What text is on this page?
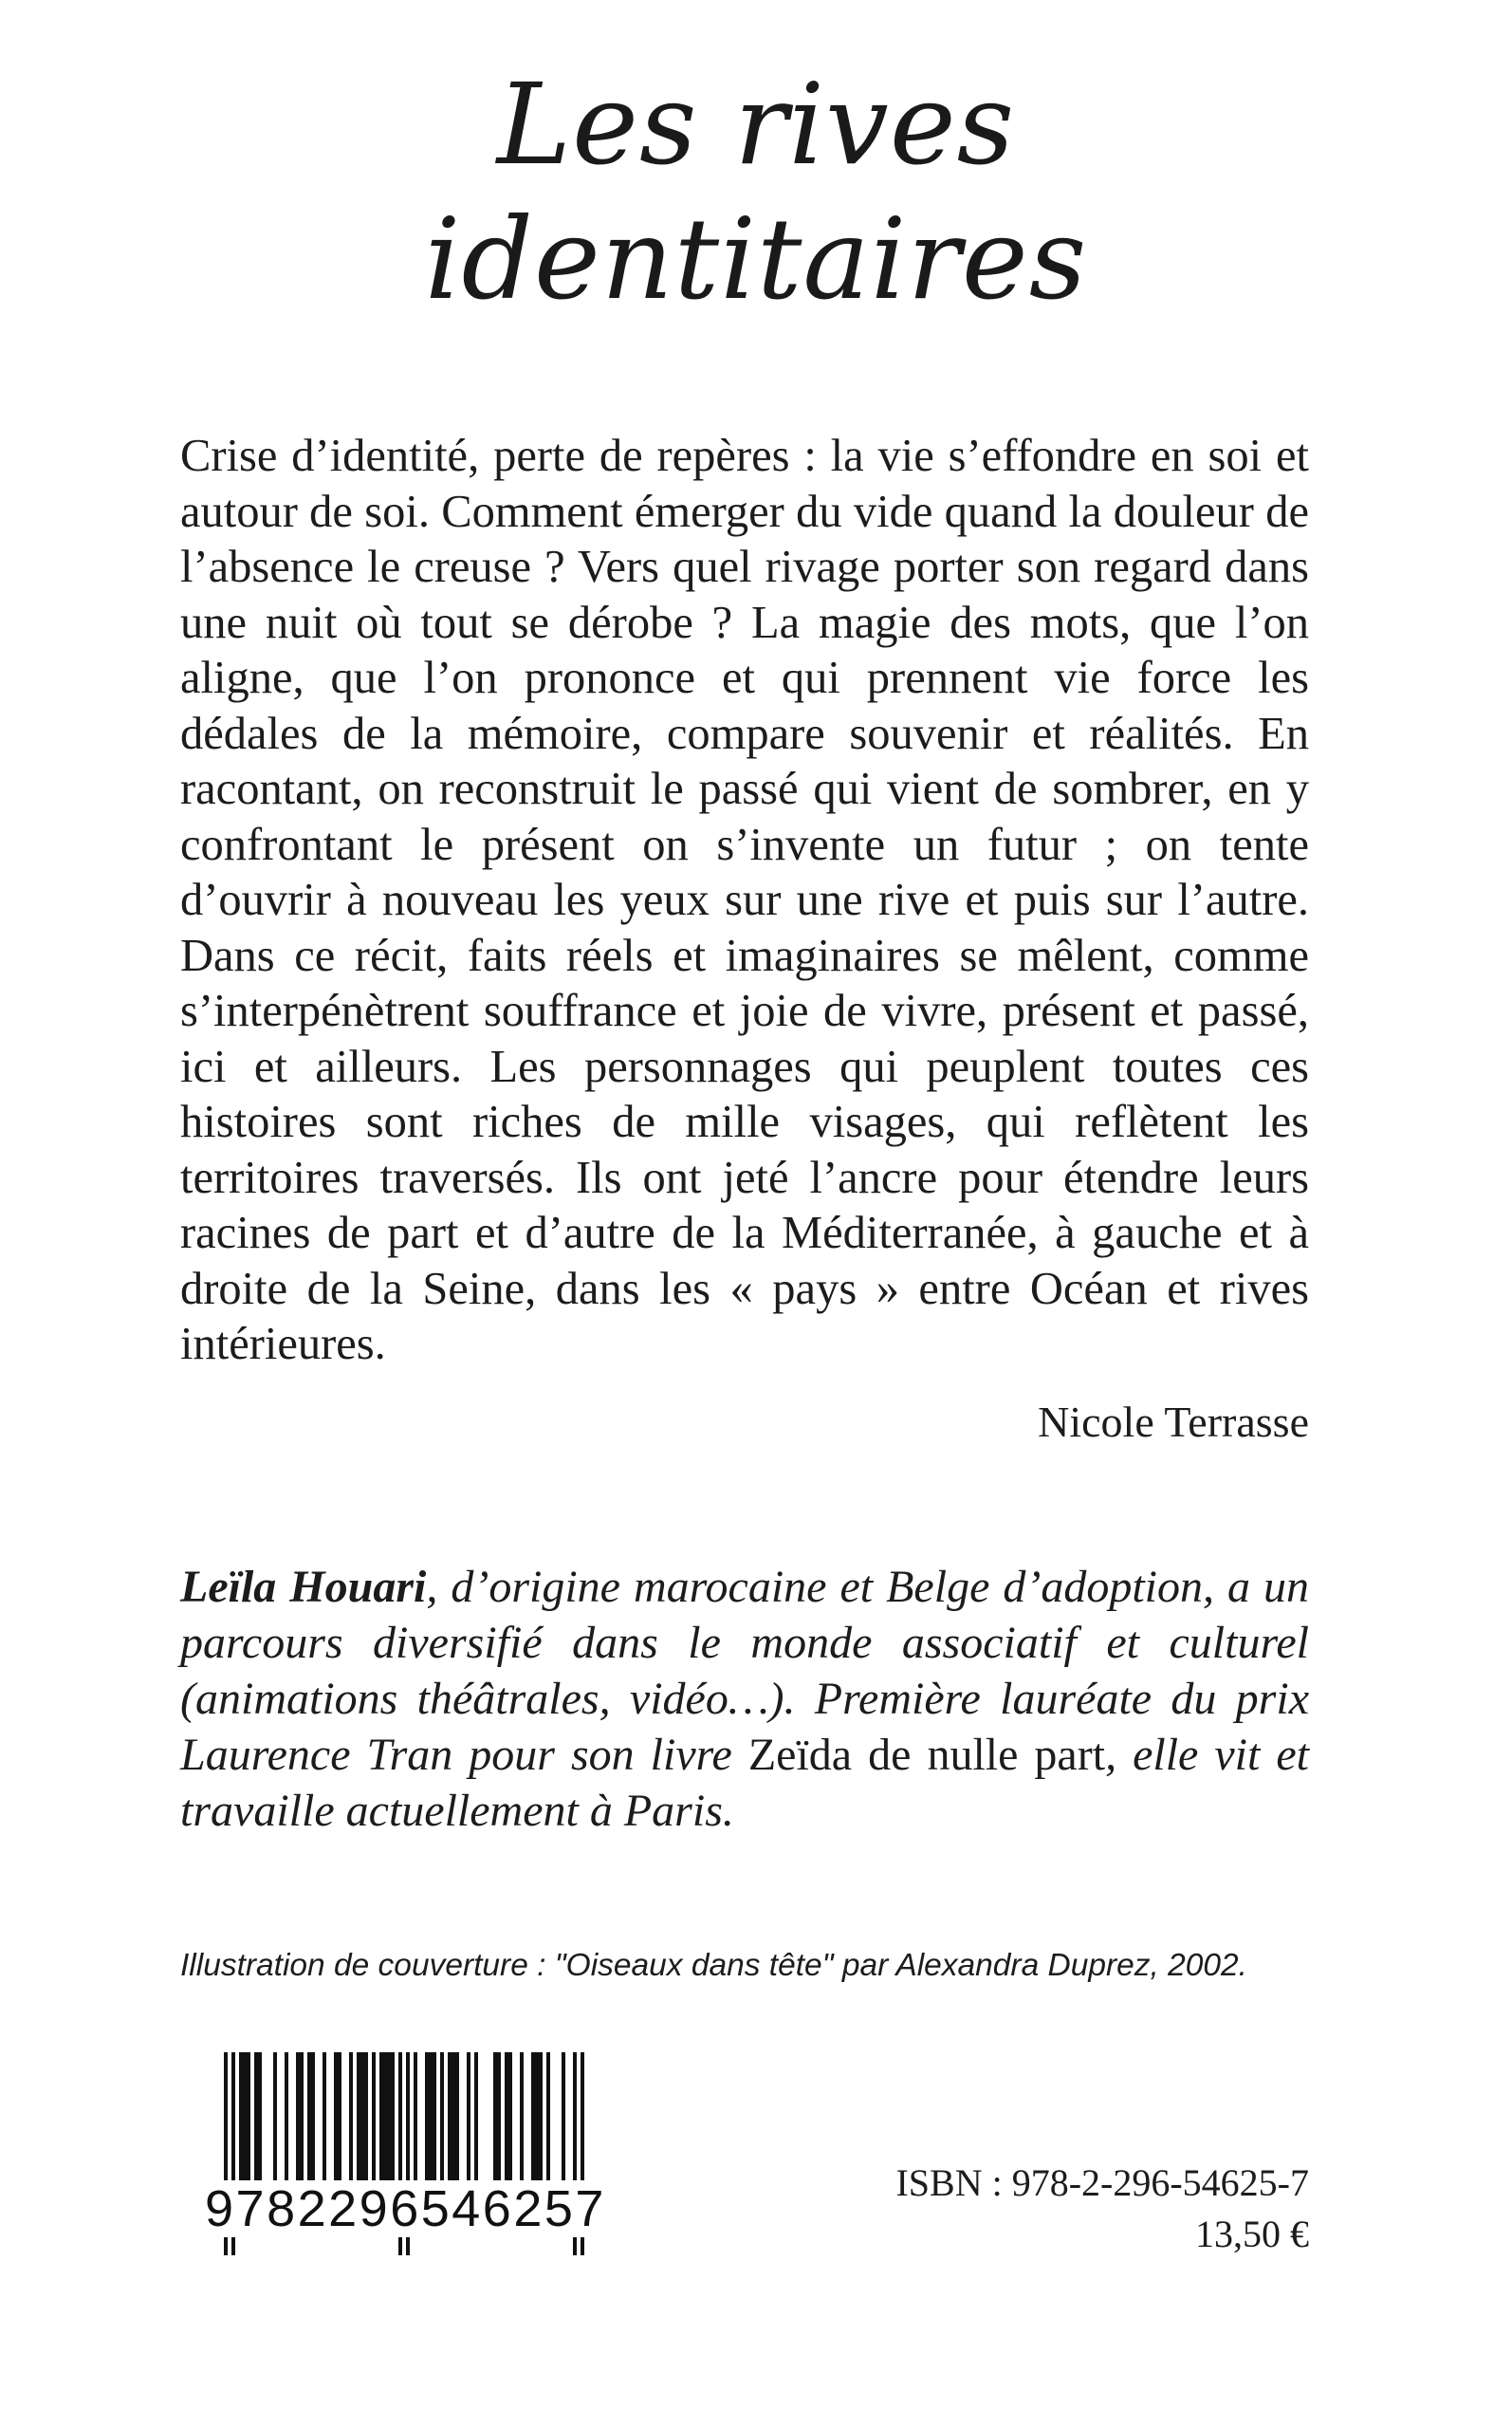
Les rives
identitaires

Crise d’identité, perte de repères : la vie s’effondre en soi et autour de soi. Comment émerger du vide quand la douleur de l’absence le creuse ? Vers quel rivage porter son regard dans une nuit où tout se dérobe ? La magie des mots, que l’on aligne, que l’on prononce et qui prennent vie force les dédales de la mémoire, compare souvenir et réalités. En racontant, on reconstruit le passé qui vient de sombrer, en y confrontant le présent on s’invente un futur ; on tente d’ouvrir à nouveau les yeux sur une rive et puis sur l’autre. Dans ce récit, faits réels et imaginaires se mêlent, comme s’interpénètrent souffrance et joie de vivre, présent et passé, ici et ailleurs. Les personnages qui peuplent toutes ces histoires sont riches de mille visages, qui reflètent les territoires traversés. Ils ont jeté l’ancre pour étendre leurs racines de part et d’autre de la Méditerranée, à gauche et à droite de la Seine, dans les « pays » entre Océan et rives intérieures.

Nicole Terrasse
Leïla Houari, d’origine marocaine et Belge d’adoption, a un parcours diversifié dans le monde associatif et culturel (animations théâtrales, vidéo…). Première lauréate du prix Laurence Tran pour son livre Zeïda de nulle part, elle vit et travaille actuellement à Paris.
Illustration de couverture : "Oiseaux dans tête" par Alexandra Duprez, 2002.
9782296546257	ISBN : 978-2-296-54625-7
13,50 €
